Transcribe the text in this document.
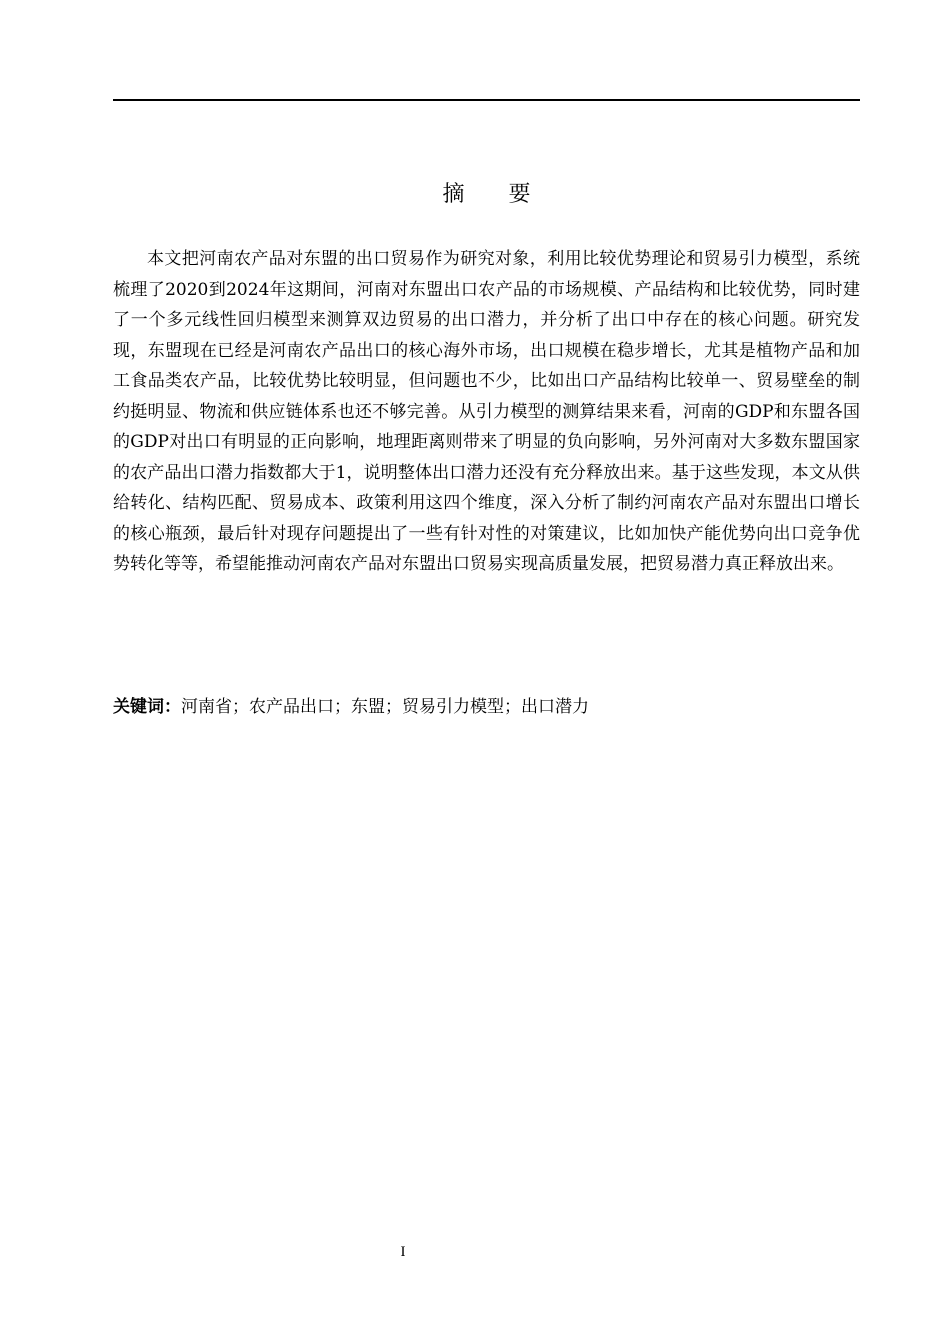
摘 要

本文把河南农产品对东盟的出口贸易作为研究对象，利用比较优势理论和贸易引力模型，系统梳理了2020到2024年这期间，河南对东盟出口农产品的市场规模、产品结构和比较优势，同时建了一个多元线性回归模型来测算双边贸易的出口潜力，并分析了出口中存在的核心问题。研究发现，东盟现在已经是河南农产品出口的核心海外市场，出口规模在稳步增长，尤其是植物产品和加工食品类农产品，比较优势比较明显，但问题也不少，比如出口产品结构比较单一、贸易壁垒的制约挺明显、物流和供应链体系也还不够完善。从引力模型的测算结果来看，河南的GDP和东盟各国的GDP对出口有明显的正向影响，地理距离则带来了明显的负向影响，另外河南对大多数东盟国家的农产品出口潜力指数都大于1，说明整体出口潜力还没有充分释放出来。基于这些发现，本文从供给转化、结构匹配、贸易成本、政策利用这四个维度，深入分析了制约河南农产品对东盟出口增长的核心瓶颈，最后针对现存问题提出了一些有针对性的对策建议，比如加快产能优势向出口竞争优势转化等等，希望能推动河南农产品对东盟出口贸易实现高质量发展，把贸易潜力真正释放出来。

关键词：河南省；农产品出口；东盟；贸易引力模型；出口潜力

I
